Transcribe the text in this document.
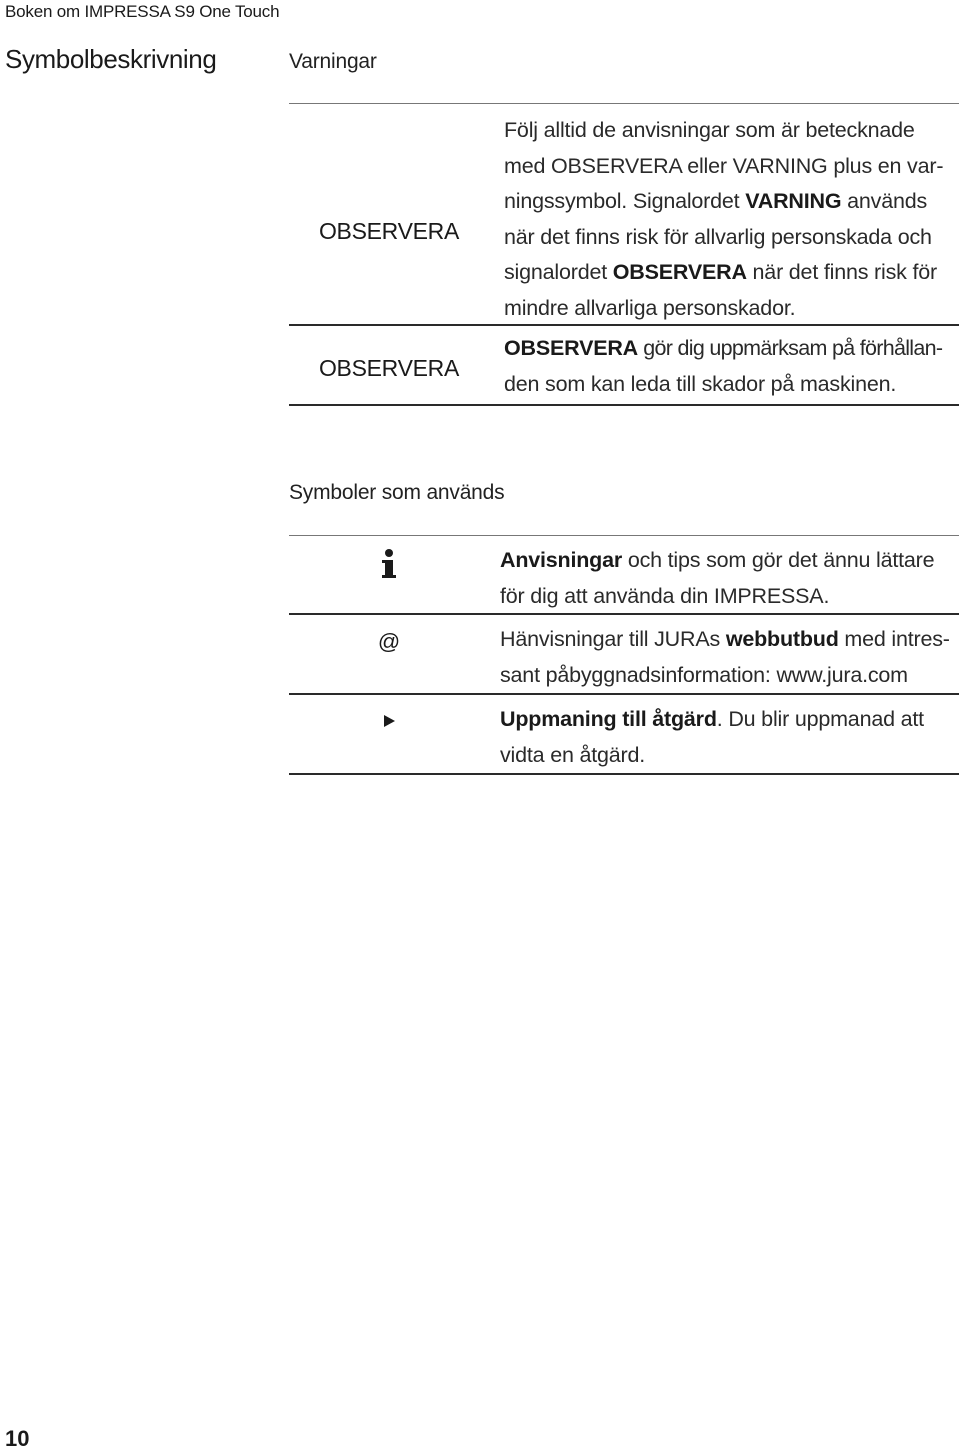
Boken om IMPRESSA S9 One Touch
Symbolbeskrivning	Varningar
OBSERVERA
Följ alltid de anvisningar som är betecknade
med OBSERVERA eller VARNING plus en var-
ningssymbol. Signalordet VARNING används
när det finns risk för allvarlig personskada och
signalordet OBSERVERA när det finns risk för
mindre allvarliga personskador.
OBSERVERA
OBSERVERA gör dig uppmärksam på förhållan-
den som kan leda till skador på maskinen.
Symboler som används
Anvisningar och tips som gör det ännu lättare
för dig att använda din IMPRESSA.
@	Hänvisningar till JURAs webbutbud med intres-
sant påbyggnadsinformation: www.jura.com
Uppmaning till åtgärd. Du blir uppmanad att
vidta en åtgärd.
10
